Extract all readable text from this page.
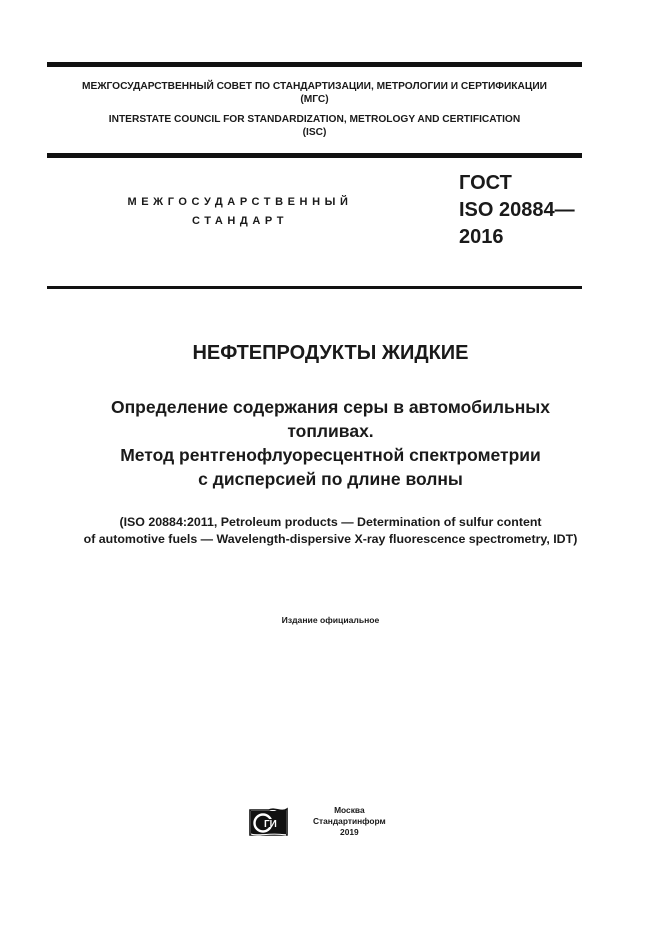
МЕЖГОСУДАРСТВЕННЫЙ СОВЕТ ПО СТАНДАРТИЗАЦИИ, МЕТРОЛОГИИ И СЕРТИФИКАЦИИ
(МГС)
INTERSTATE COUNCIL FOR STANDARDIZATION, METROLOGY AND CERTIFICATION
(ISC)
МЕЖГОСУДАРСТВЕННЫЙ
СТАНДАРТ
ГОСТ
ISO 20884—
2016
НЕФТЕПРОДУКТЫ ЖИДКИЕ
Определение содержания серы в автомобильных
топливах.
Метод рентгенофлуоресцентной спектрометрии
с дисперсией по длине волны
(ISO 20884:2011, Petroleum products — Determination of sulfur content
of automotive fuels — Wavelength-dispersive X-ray fluorescence spectrometry, IDT)
Издание официальное
ГИ
Москва
Стандартинформ
2019
